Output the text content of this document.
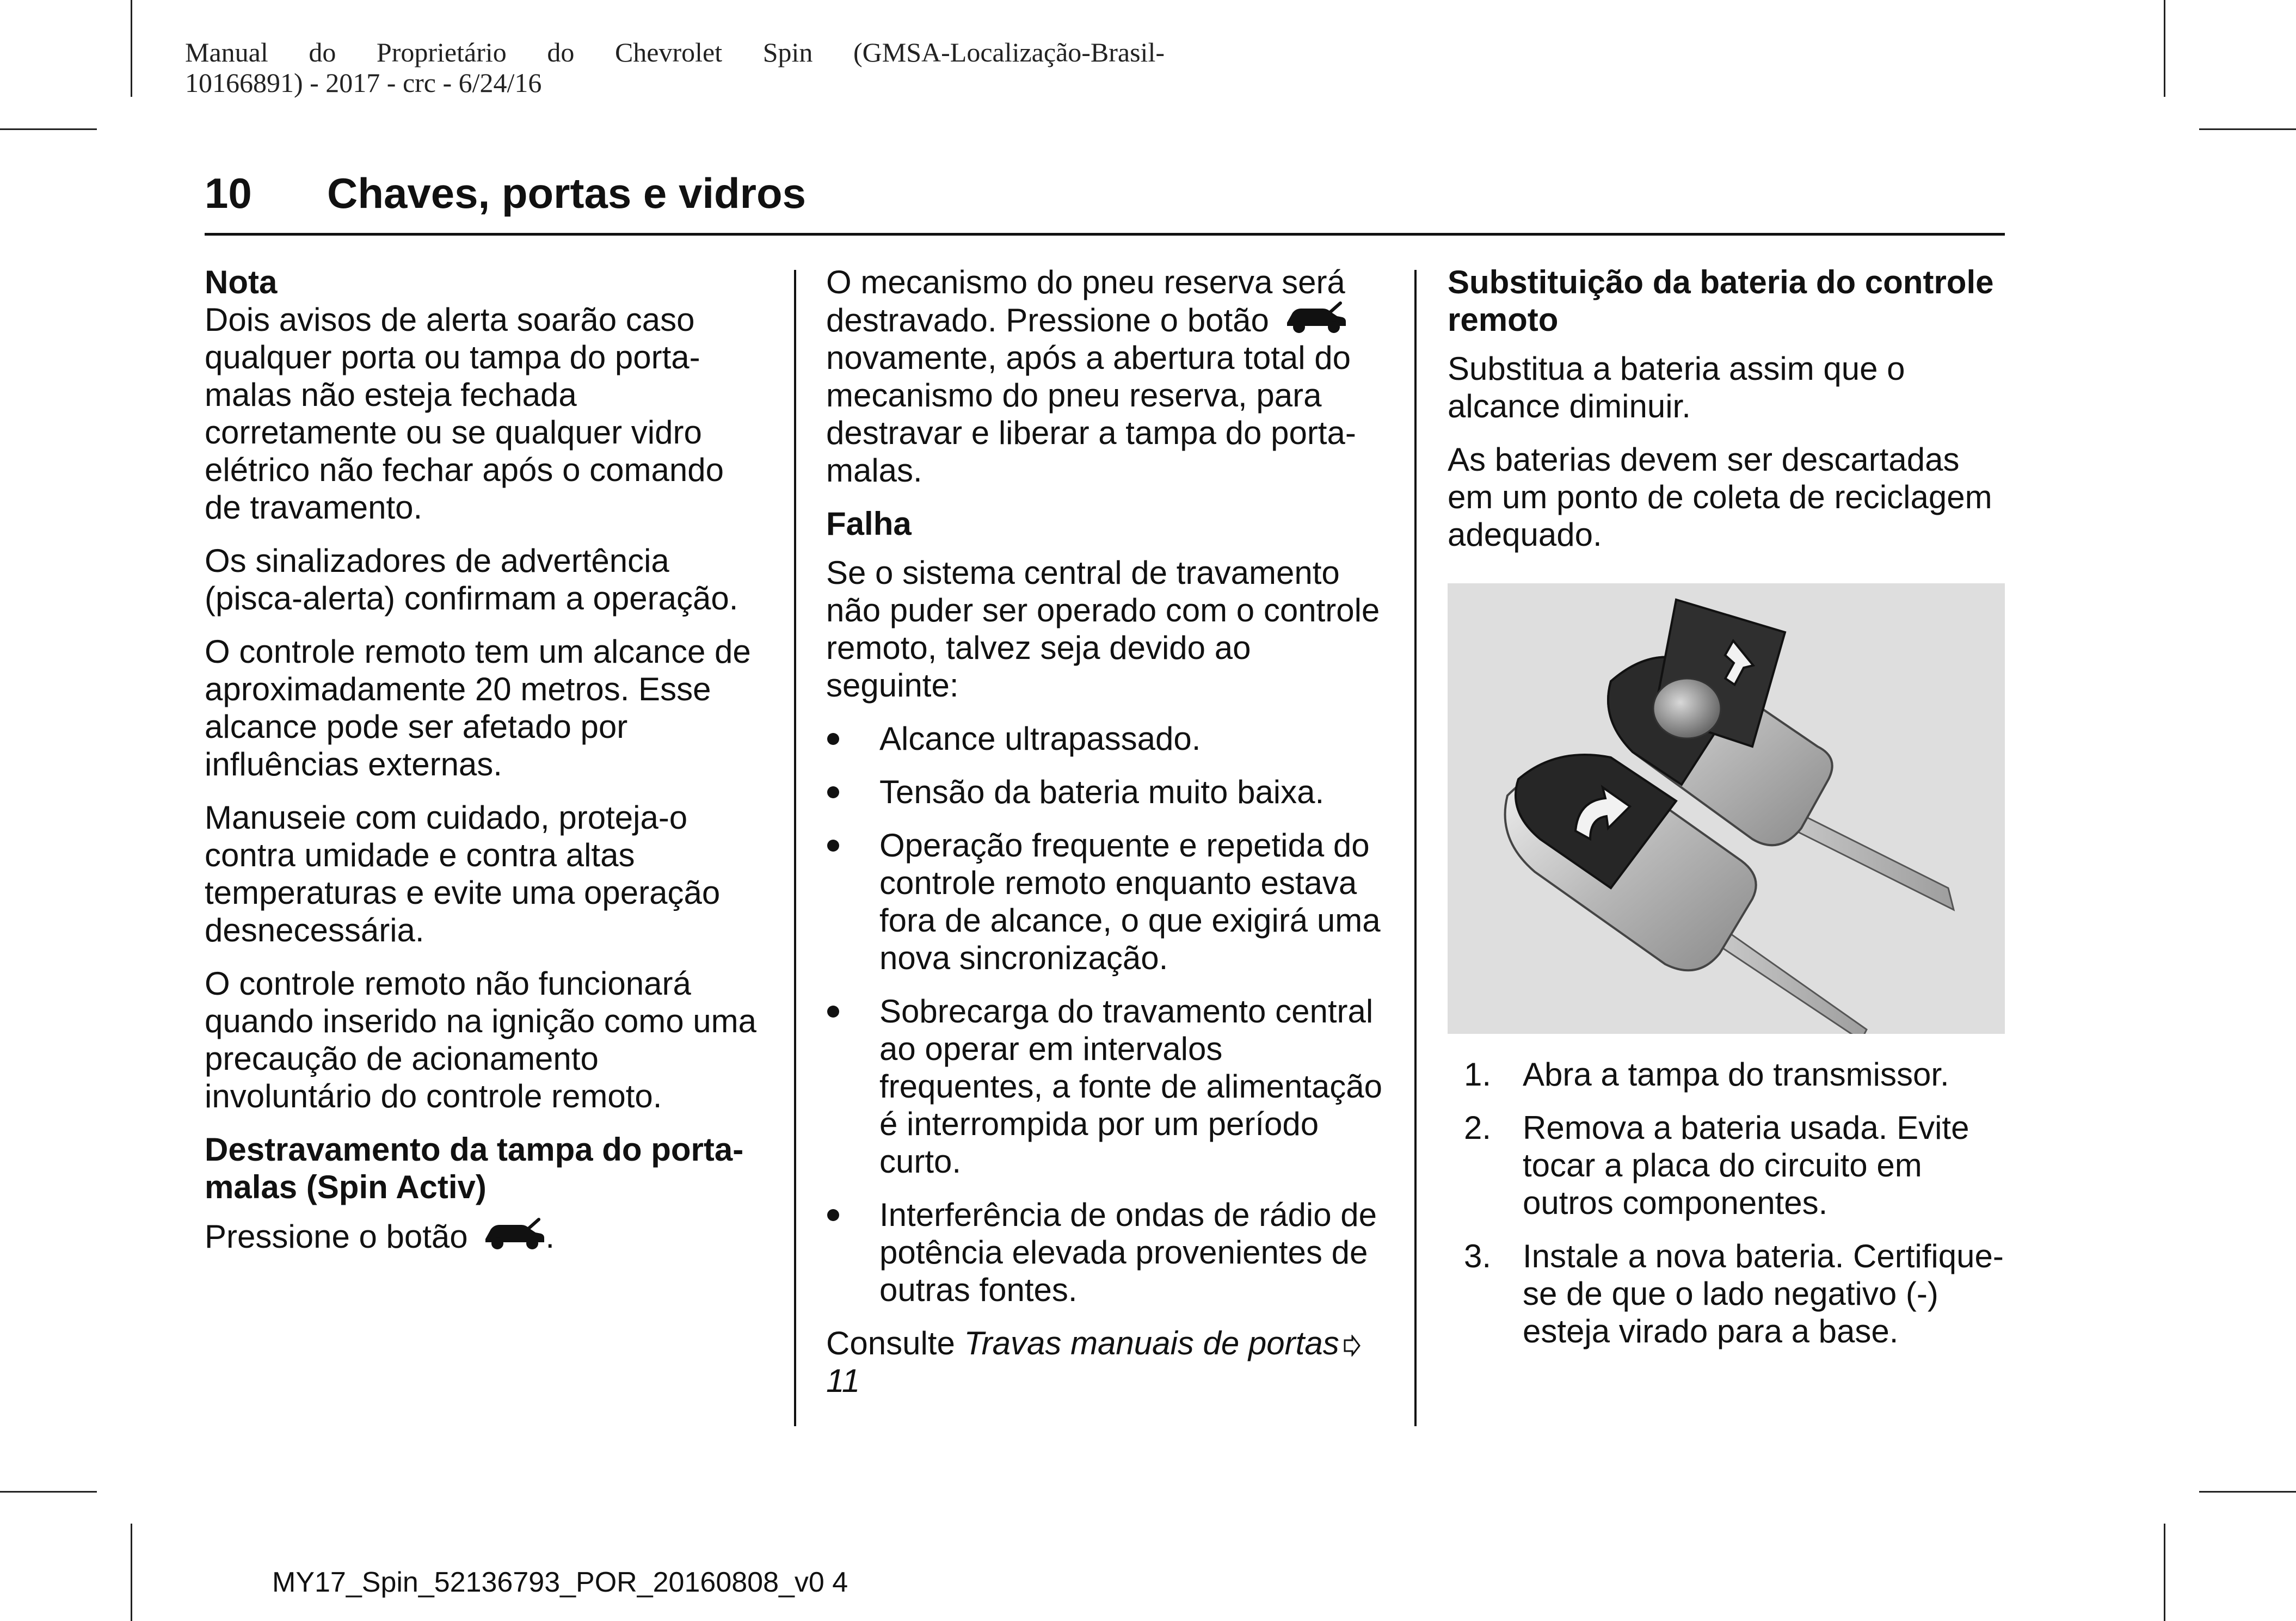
Manual do Proprietário do Chevrolet Spin (GMSA-Localização-Brasil-
10166891) - 2017 - crc - 6/24/16
10 Chaves, portas e vidros
Nota

Dois avisos de alerta soarão caso qualquer porta ou tampa do porta-malas não esteja fechada corretamente ou se qualquer vidro elétrico não fechar após o comando de travamento.

Os sinalizadores de advertência (pisca-alerta) confirmam a operação.

O controle remoto tem um alcance de aproximadamente 20 metros. Esse alcance pode ser afetado por influências externas.

Manuseie com cuidado, proteja-o contra umidade e contra altas temperaturas e evite uma operação desnecessária.

O controle remoto não funcionará quando inserido na ignição como uma precaução de acionamento involuntário do controle remoto.

Destravamento da tampa do porta-malas (Spin Activ)

Pressione o botão .

O mecanismo do pneu reserva será destravado. Pressione o botão  novamente, após a abertura total do mecanismo do pneu reserva, para destravar e liberar a tampa do porta-malas.

Falha

Se o sistema central de travamento não puder ser operado com o controle remoto, talvez seja devido ao seguinte:

Alcance ultrapassado.
Tensão da bateria muito baixa.
Operação frequente e repetida do controle remoto enquanto estava fora de alcance, o que exigirá uma nova sincronização.
Sobrecarga do travamento central ao operar em intervalos frequentes, a fonte de alimentação é interrompida por um período curto.
Interferência de ondas de rádio de potência elevada provenientes de outras fontes.

Consulte Travas manuais de portas11

Substituição da bateria do controle remoto

Substitua a bateria assim que o alcance diminuir.

As baterias devem ser descartadas em um ponto de coleta de reciclagem adequado.

1. Abra a tampa do transmissor.
2. Remova a bateria usada. Evite tocar a placa do circuito em outros componentes.
3. Instale a nova bateria. Certifique-se de que o lado negativo (-) esteja virado para a base.
MY17_Spin_52136793_POR_20160808_v0 4
